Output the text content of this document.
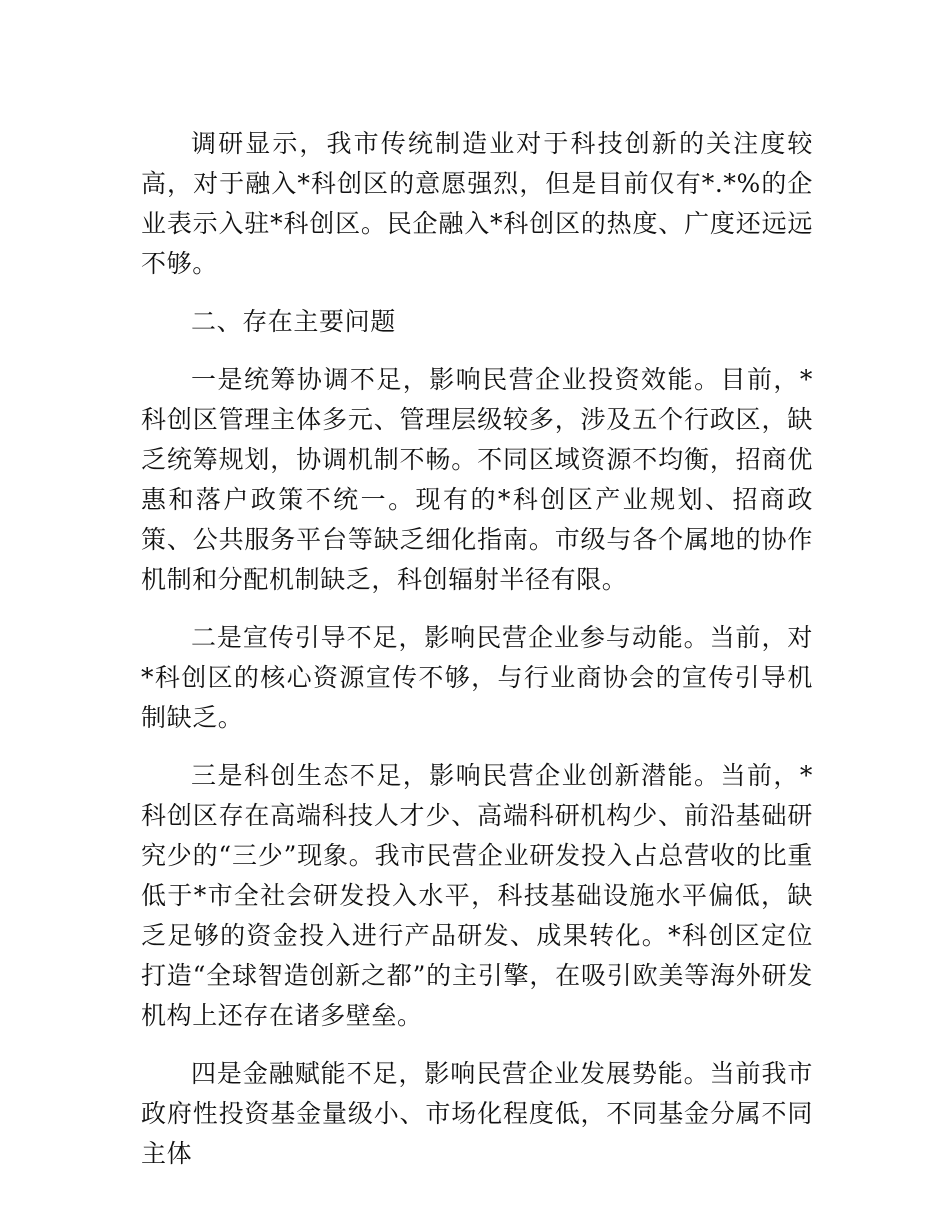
调研显示，我市传统制造业对于科技创新的关注度较高，对于融入*科创区的意愿强烈，但是目前仅有*.*%的企业表示入驻*科创区。民企融入*科创区的热度、广度还远远不够。

二、存在主要问题

一是统筹协调不足，影响民营企业投资效能。目前，*科创区管理主体多元、管理层级较多，涉及五个行政区，缺乏统筹规划，协调机制不畅。不同区域资源不均衡，招商优惠和落户政策不统一。现有的*科创区产业规划、招商政策、公共服务平台等缺乏细化指南。市级与各个属地的协作机制和分配机制缺乏，科创辐射半径有限。

二是宣传引导不足，影响民营企业参与动能。当前，对*科创区的核心资源宣传不够，与行业商协会的宣传引导机制缺乏。

三是科创生态不足，影响民营企业创新潜能。当前，*科创区存在高端科技人才少、高端科研机构少、前沿基础研究少的“三少”现象。我市民营企业研发投入占总营收的比重低于*市全社会研发投入水平，科技基础设施水平偏低，缺乏足够的资金投入进行产品研发、成果转化。*科创区定位打造“全球智造创新之都”的主引擎，在吸引欧美等海外研发机构上还存在诸多壁垒。

四是金融赋能不足，影响民营企业发展势能。当前我市政府性投资基金量级小、市场化程度低，不同基金分属不同主体
